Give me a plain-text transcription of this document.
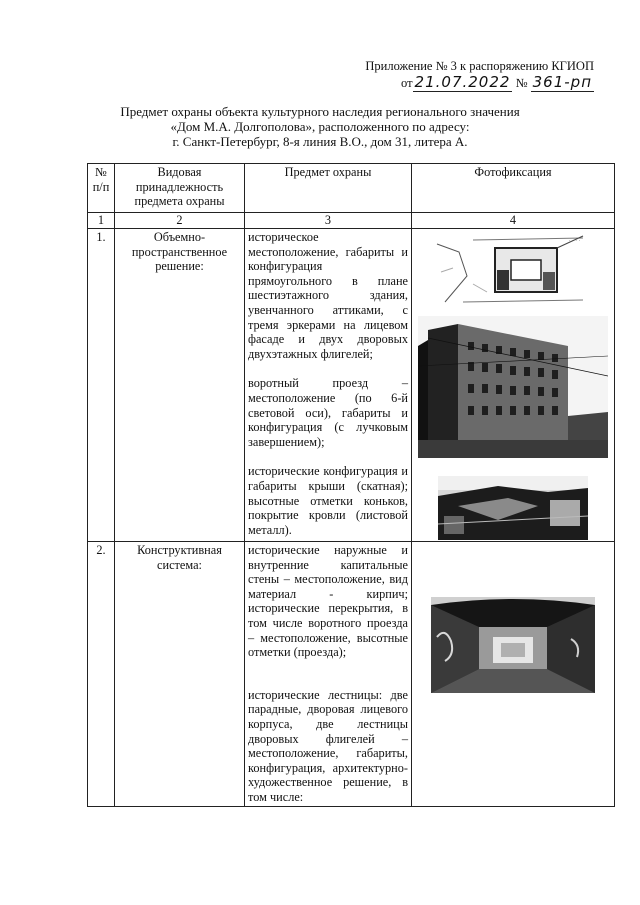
Приложение № 3 к распоряжению КГИОП
от 21.07.2022 № 361-рп
Предмет охраны объекта культурного наследия регионального значения
«Дом М.А. Долгополова», расположенного по адресу:
г. Санкт-Петербург, 8-я линия В.О., дом 31, литера А.
№ п/п	Видовая принадлежность предмета охраны	Предмет охраны	Фотофиксация
1	2	3	4
1.	Объемно-пространственное решение:	историческое местоположение, габариты и конфигурация прямоугольного в плане шестиэтажного здания, увенчанного аттиками, с тремя эркерами на лицевом фасаде и двух дворовых двухэтажных флигелей;

воротный проезд – местоположение (по 6-й световой оси), габариты и конфигурация (с лучковым завершением);

исторические конфигурация и габариты крыши (скатная); высотные отметки коньков, покрытие кровли (листовой металл).	· · · ·

2.	Конструктивная система:	исторические наружные и внутренние капитальные стены – местоположение, вид материал - кирпич; исторические перекрытия, в том числе воротного проезда – местоположение, высотные отметки (проезда);

исторические лестницы: две парадные, дворовая лицевого корпуса, две лестницы дворовых флигелей – местоположение, габариты, конфигурация, архитектурно-художественное решение, в том числе:
